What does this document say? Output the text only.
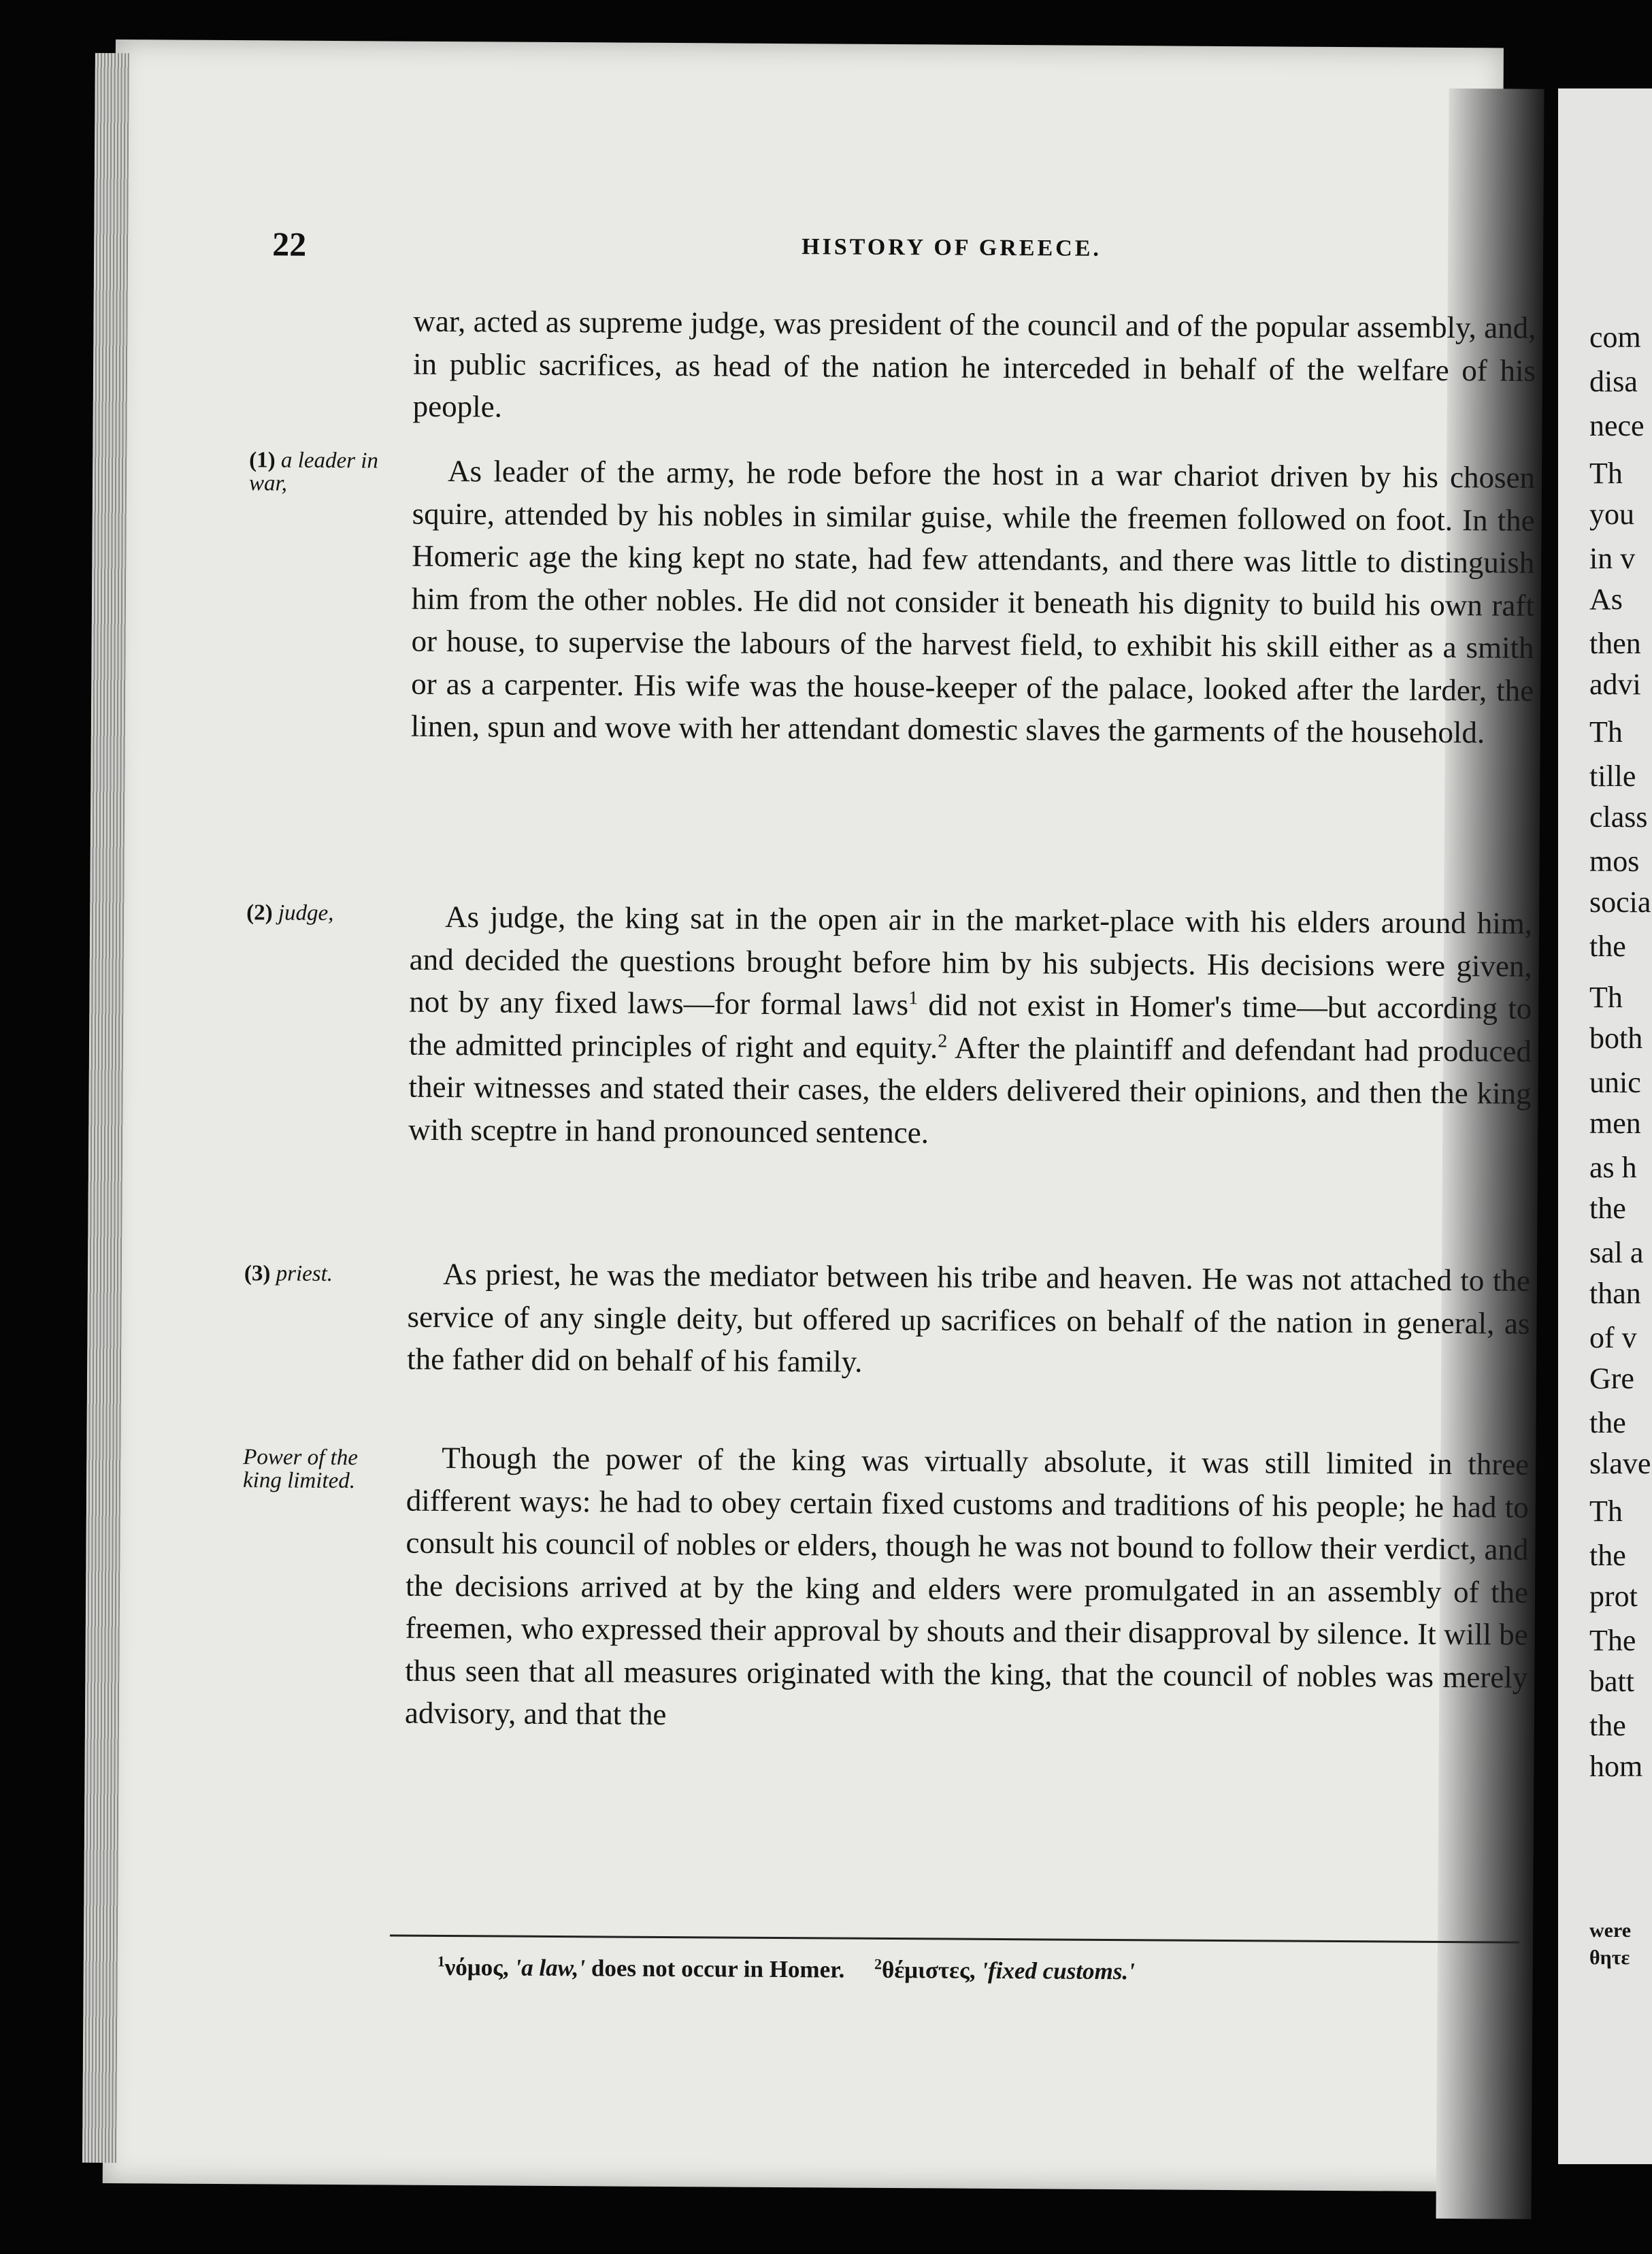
22	HISTORY OF GREECE.

war, acted as supreme judge, was president of the council and of the popular assembly, and, in public sacrifices, as head of the nation he interceded in behalf of the welfare of his people.

(1) a leader in war,	As leader of the army, he rode before the host in a war chariot driven by his chosen squire, attended by his nobles in similar guise, while the freemen followed on foot. In the Homeric age the king kept no state, had few attendants, and there was little to distinguish him from the other nobles. He did not consider it beneath his dignity to build his own raft or house, to supervise the labours of the harvest field, to exhibit his skill either as a smith or as a carpenter. His wife was the house-keeper of the palace, looked after the larder, the linen, spun and wove with her attendant domestic slaves the garments of the household.

(2) judge,	As judge, the king sat in the open air in the market-place with his elders around him, and decided the questions brought before him by his subjects. His decisions were given, not by any fixed laws—for formal laws$^1$ did not exist in Homer's time—but according to the admitted principles of right and equity.$^2$ After the plaintiff and defendant had produced their witnesses and stated their cases, the elders delivered their opinions, and then the king with sceptre in hand pronounced sentence.

(3) priest.	As priest, he was the mediator between his tribe and heaven. He was not attached to the service of any single deity, but offered up sacrifices on behalf of the nation in general, as the father did on behalf of his family.

Power of the king limited.	Though the power of the king was virtually absolute, it was still limited in three different ways: he had to obey certain fixed customs and traditions of his people; he had to consult his council of nobles or elders, though he was not bound to follow their verdict, and the decisions arrived at by the king and elders were promulgated in an assembly of the freemen, who expressed their approval by shouts and their disapproval by silence. It will be thus seen that all measures originated with the king, that the council of nobles was merely advisory, and that the

$^1$νόμος, 'a law,' does not occur in Homer. $^2$θέμιστες, 'fixed customs.'
com
disa
nece
Th
you
in v
As
then
advi
Th
tille
class
mos
socia
the
Th
both
unic
men
as h
the
sal a
than
of v
Gre
the
slave
Th
the
prot
The
batt
the
hom
were
θητε
